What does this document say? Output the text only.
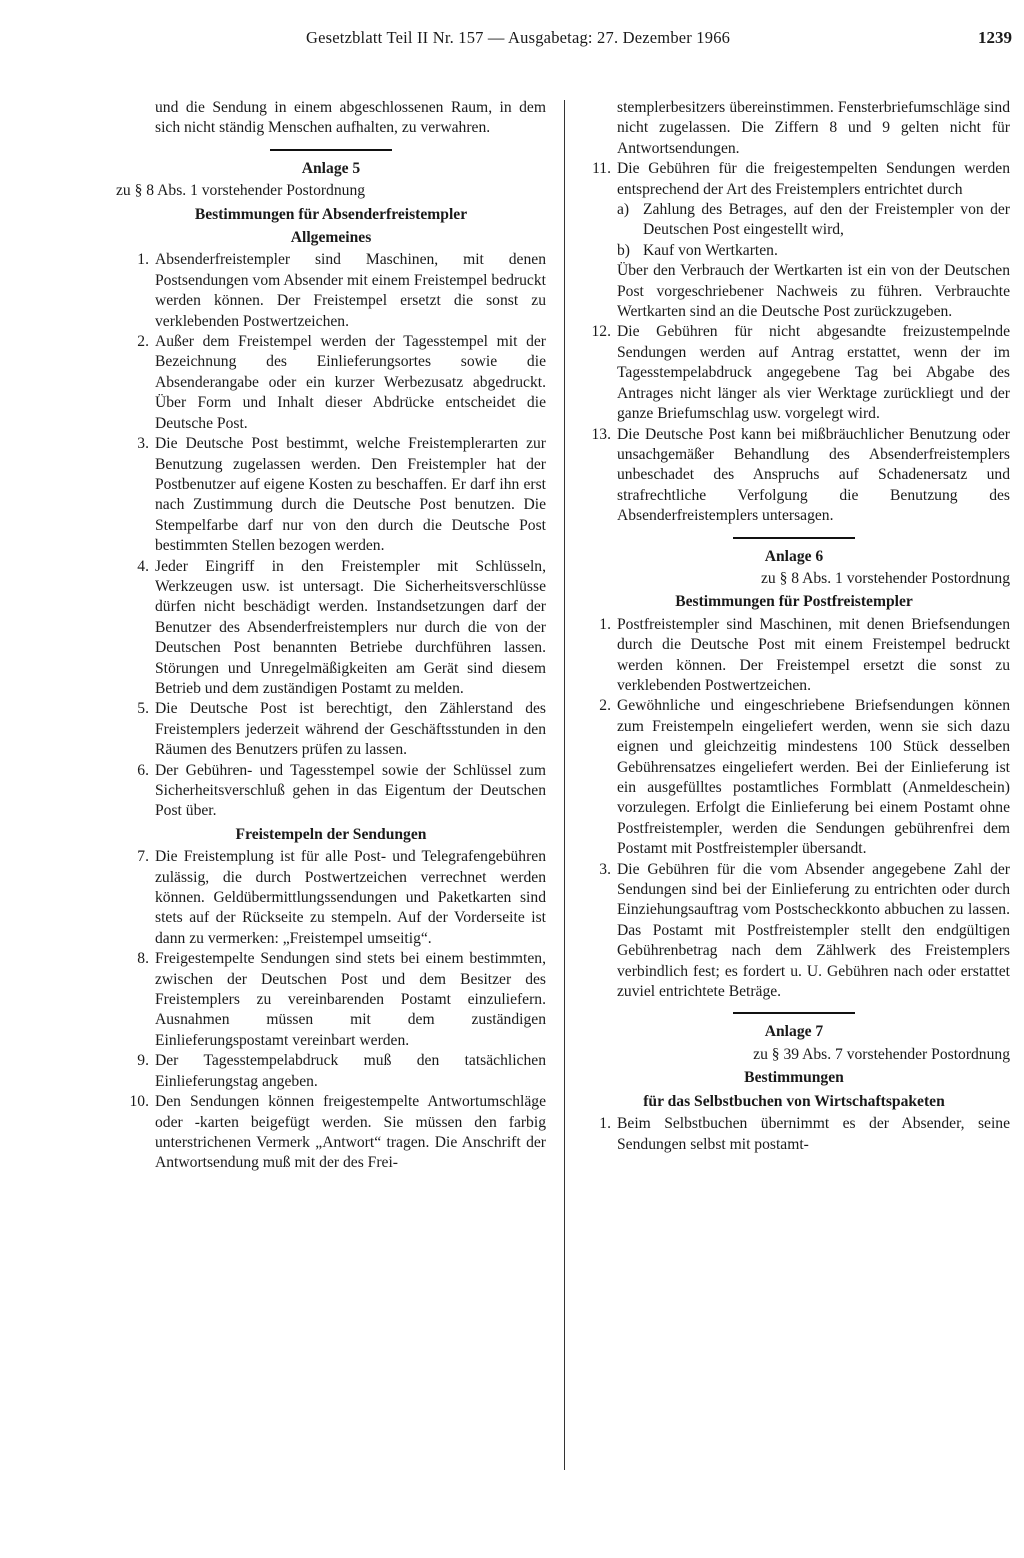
Gesetzblatt Teil II Nr. 157 — Ausgabetag: 27. Dezember 1966	1239

und die Sendung in einem abgeschlossenen Raum, in dem sich nicht ständig Menschen aufhalten, zu verwahren.

Anlage 5

zu § 8 Abs. 1 vorstehender Postordnung

Bestimmungen für Absenderfreistempler
Allgemeines
1. Absenderfreistempler sind Maschinen, mit denen Postsendungen vom Absender mit einem Freistempel bedruckt werden können. Der Freistempel ersetzt die sonst zu verklebenden Postwertzeichen.
2. Außer dem Freistempel werden der Tagesstempel mit der Bezeichnung des Einlieferungsortes sowie die Absenderangabe oder ein kurzer Werbezusatz abgedruckt. Über Form und Inhalt dieser Abdrücke entscheidet die Deutsche Post.
3. Die Deutsche Post bestimmt, welche Freistemplerarten zur Benutzung zugelassen werden. Den Freistempler hat der Postbenutzer auf eigene Kosten zu beschaffen. Er darf ihn erst nach Zustimmung durch die Deutsche Post benutzen. Die Stempelfarbe darf nur von den durch die Deutsche Post bestimmten Stellen bezogen werden.
4. Jeder Eingriff in den Freistempler mit Schlüsseln, Werkzeugen usw. ist untersagt. Die Sicherheitsverschlüsse dürfen nicht beschädigt werden. Instandsetzungen darf der Benutzer des Absenderfreistemplers nur durch die von der Deutschen Post benannten Betriebe durchführen lassen. Störungen und Unregelmäßigkeiten am Gerät sind diesem Betrieb und dem zuständigen Postamt zu melden.
5. Die Deutsche Post ist berechtigt, den Zählerstand des Freistemplers jederzeit während der Geschäftsstunden in den Räumen des Benutzers prüfen zu lassen.
6. Der Gebühren- und Tagesstempel sowie der Schlüssel zum Sicherheitsverschluß gehen in das Eigentum der Deutschen Post über.
Freistempeln der Sendungen
7. Die Freistemplung ist für alle Post- und Telegrafengebühren zulässig, die durch Postwertzeichen verrechnet werden können. Geldübermittlungssendungen und Paketkarten sind stets auf der Rückseite zu stempeln. Auf der Vorderseite ist dann zu vermerken: „Freistempel umseitig“.
8. Freigestempelte Sendungen sind stets bei einem bestimmten, zwischen der Deutschen Post und dem Besitzer des Freistemplers zu vereinbarenden Postamt einzuliefern. Ausnahmen müssen mit dem zuständigen Einlieferungspostamt vereinbart werden.
9. Der Tagesstempelabdruck muß den tatsächlichen Einlieferungstag angeben.
10. Den Sendungen können freigestempelte Antwortumschläge oder -karten beigefügt werden. Sie müssen den farbig unterstrichenen Vermerk „Antwort“ tragen. Die Anschrift der Antwortsendung muß mit der des Frei-

stemplerbesitzers übereinstimmen. Fensterbriefumschläge sind nicht zugelassen. Die Ziffern 8 und 9 gelten nicht für Antwortsendungen.

11. Die Gebühren für die freigestempelten Sendungen werden entsprechend der Art des Freistemplers entrichtet durch
a) Zahlung des Betrages, auf den der Freistempler von der Deutschen Post eingestellt wird,
b) Kauf von Wertkarten.

Über den Verbrauch der Wertkarten ist ein von der Deutschen Post vorgeschriebener Nachweis zu führen. Verbrauchte Wertkarten sind an die Deutsche Post zurückzugeben.

12. Die Gebühren für nicht abgesandte freizustempelnde Sendungen werden auf Antrag erstattet, wenn der im Tagesstempelabdruck angegebene Tag bei Abgabe des Antrages nicht länger als vier Werktage zurückliegt und der ganze Briefumschlag usw. vorgelegt wird.
13. Die Deutsche Post kann bei mißbräuchlicher Benutzung oder unsachgemäßer Behandlung des Absenderfreistemplers unbeschadet des Anspruchs auf Schadenersatz und strafrechtliche Verfolgung die Benutzung des Absenderfreistemplers untersagen.
Anlage 6

zu § 8 Abs. 1 vorstehender Postordnung

Bestimmungen für Postfreistempler
1. Postfreistempler sind Maschinen, mit denen Briefsendungen durch die Deutsche Post mit einem Freistempel bedruckt werden können. Der Freistempel ersetzt die sonst zu verklebenden Postwertzeichen.
2. Gewöhnliche und eingeschriebene Briefsendungen können zum Freistempeln eingeliefert werden, wenn sie sich dazu eignen und gleichzeitig mindestens 100 Stück desselben Gebührensatzes eingeliefert werden. Bei der Einlieferung ist ein ausgefülltes postamtliches Formblatt (Anmeldeschein) vorzulegen. Erfolgt die Einlieferung bei einem Postamt ohne Postfreistempler, werden die Sendungen gebührenfrei dem Postamt mit Postfreistempler übersandt.
3. Die Gebühren für die vom Absender angegebene Zahl der Sendungen sind bei der Einlieferung zu entrichten oder durch Einziehungsauftrag vom Postscheckkonto abbuchen zu lassen. Das Postamt mit Postfreistempler stellt den endgültigen Gebührenbetrag nach dem Zählwerk des Freistemplers verbindlich fest; es fordert u. U. Gebühren nach oder erstattet zuviel entrichtete Beträge.
Anlage 7

zu § 39 Abs. 7 vorstehender Postordnung

Bestimmungen
für das Selbstbuchen von Wirtschaftspaketen
1. Beim Selbstbuchen übernimmt es der Absender, seine Sendungen selbst mit postamt-
